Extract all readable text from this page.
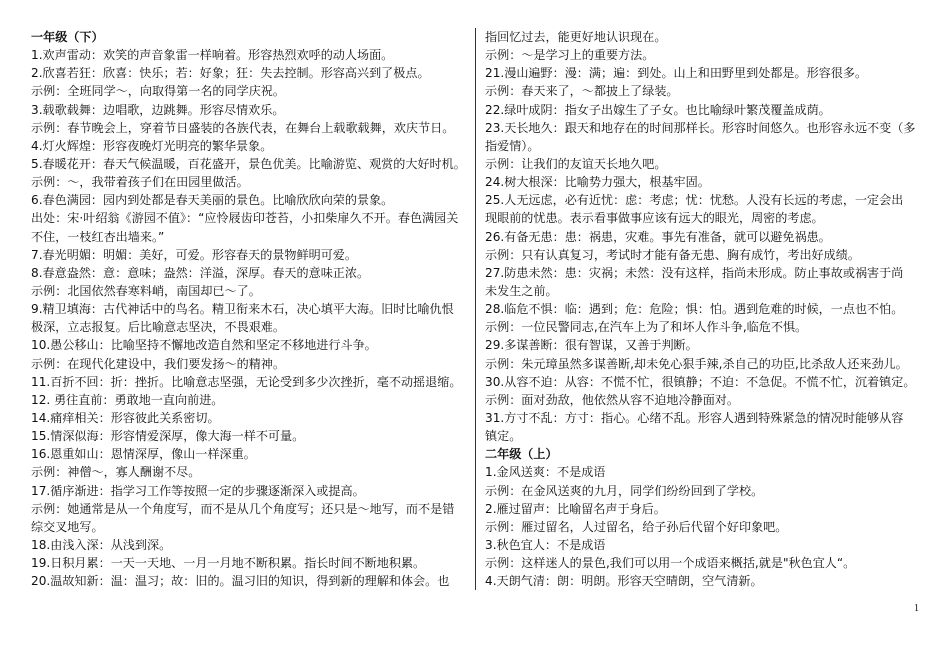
一年级（下）
1.欢声雷动：欢笑的声音象雷一样响着。形容热烈欢呼的动人场面。
2.欣喜若狂：欣喜：快乐；若：好象；狂：失去控制。形容高兴到了极点。
示例：全班同学～，向取得第一名的同学庆祝。
3.载歌载舞：边唱歌，边跳舞。形容尽情欢乐。
示例：春节晚会上，穿着节日盛装的各族代表，在舞台上载歌载舞，欢庆节日。
4.灯火辉煌：形容夜晚灯光明亮的繁华景象。
5.春暖花开：春天气候温暖，百花盛开，景色优美。比喻游览、观赏的大好时机。
示例：～，我带着孩子们在田园里做活。
6.春色满园：园内到处都是春天美丽的景色。比喻欣欣向荣的景象。
出处：宋·叶绍翁《游园不值》：“应怜屐齿印苍苔，小扣柴扉久不开。春色满园关
不住，一枝红杏出墙来。”
7.春光明媚：明媚：美好，可爱。形容春天的景物鲜明可爱。
8.春意盎然：意：意味；盎然：洋溢，深厚。春天的意味正浓。
示例：北国依然春寒料峭，南国却已～了。
9.精卫填海：古代神话中的鸟名。精卫衔来木石，决心填平大海。旧时比喻仇恨
极深，立志报复。后比喻意志坚决，不畏艰难。
10.愚公移山：比喻坚持不懈地改造自然和坚定不移地进行斗争。
示例：在现代化建设中，我们要发扬～的精神。
11.百折不回：折：挫折。比喻意志坚强，无论受到多少次挫折，毫不动摇退缩。
12. 勇往直前：勇敢地一直向前进。
14.痛痒相关：形容彼此关系密切。
15.情深似海：形容情爱深厚，像大海一样不可量。
16.恩重如山：恩情深厚，像山一样深重。
示例：神僧～，寡人酬谢不尽。
17.循序渐进：指学习工作等按照一定的步骤逐渐深入或提高。
示例：她通常是从一个角度写，而不是从几个角度写；还只是～地写，而不是错
综交叉地写。
18.由浅入深：从浅到深。
19.日积月累：一天一天地、一月一月地不断积累。指长时间不断地积累。
20.温故知新：温：温习；故：旧的。温习旧的知识，得到新的理解和体会。也
指回忆过去，能更好地认识现在。
示例：～是学习上的重要方法。
21.漫山遍野：漫：满；遍：到处。山上和田野里到处都是。形容很多。
示例：春天来了，～都披上了绿装。
22.绿叶成阴：指女子出嫁生了子女。也比喻绿叶繁茂覆盖成荫。
23.天长地久：跟天和地存在的时间那样长。形容时间悠久。也形容永远不变（多
指爱情）。
示例：让我们的友谊天长地久吧。
24.树大根深：比喻势力强大，根基牢固。
25.人无远虑，必有近忧：虑：考虑；忧：忧愁。人没有长远的考虑，一定会出
现眼前的忧患。表示看事做事应该有远大的眼光，周密的考虑。
26.有备无患：患：祸患，灾难。事先有准备，就可以避免祸患。
示例：只有认真复习，考试时才能有备无患、胸有成竹，考出好成绩。
27.防患未然：患：灾祸；未然：没有这样，指尚未形成。防止事故或祸害于尚
未发生之前。
28.临危不惧：临：遇到；危：危险；惧：怕。遇到危难的时候，一点也不怕。
示例：一位民警同志,在汽车上为了和坏人作斗争,临危不惧。
29.多谋善断：很有智谋，又善于判断。
示例：朱元璋虽然多谋善断,却未免心狠手辣,杀自己的功臣,比杀敌人还来劲儿。
30.从容不迫：从容：不慌不忙，很镇静；不迫：不急促。不慌不忙，沉着镇定。
示例：面对劲敌，他依然从容不迫地冷静面对。
31.方寸不乱：方寸：指心。心绪不乱。形容人遇到特殊紧急的情况时能够从容
镇定。
二年级（上）
1.金风送爽：不是成语
示例：在金风送爽的九月，同学们纷纷回到了学校。
2.雁过留声：比喻留名声于身后。
示例：雁过留名，人过留名，给子孙后代留个好印象吧。
3.秋色宜人：不是成语
示例：这样迷人的景色,我们可以用一个成语来概括,就是"秋色宜人“。
4.天朗气清：朗：明朗。形容天空晴朗，空气清新。
1
